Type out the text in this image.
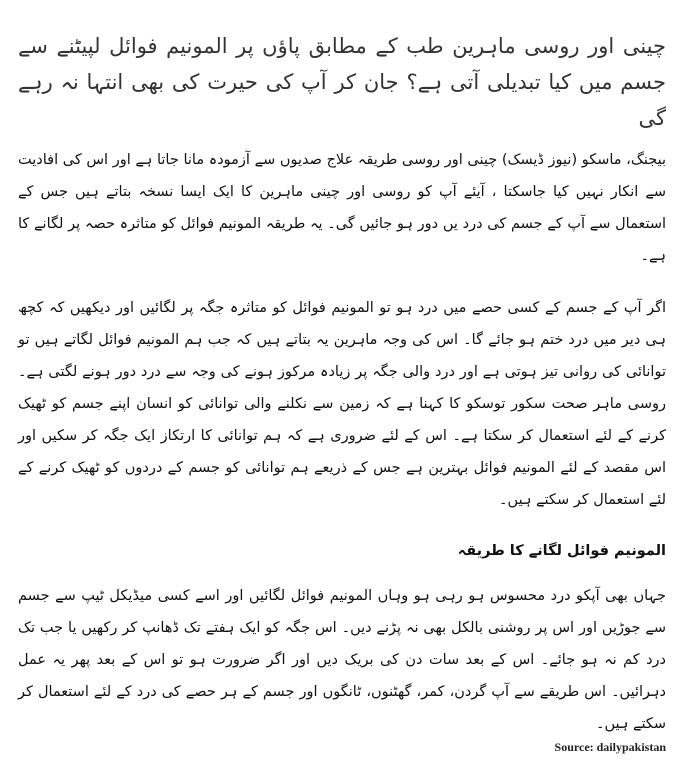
چینی اور روسی ماہرین طب کے مطابق پاؤں پر المونیم فوائل لپیٹنے سے جسم میں کیا تبدیلی آتی ہے؟ جان کر آپ کی حیرت کی بھی انتہا نہ رہے گی

بیجنگ، ماسکو (نیوز ڈیسک) چینی اور روسی طریقہ علاج صدیوں سے آزمودہ مانا جاتا ہے اور اس کی افادیت سے انکار نہیں کیا جاسکتا ، آیئے آپ کو روسی اور چینی ماہرین کا ایک ایسا نسخہ بتاتے ہیں جس کے استعمال سے آپ کے جسم کی درد یں دور ہو جائیں گی۔ یہ طریقہ المونیم فوائل کو متاثرہ حصہ پر لگانے کا ہے۔

اگر آپ کے جسم کے کسی حصے میں درد ہو تو المونیم فوائل کو متاثرہ جگہ پر لگائیں اور دیکھیں کہ کچھ ہی دیر میں درد ختم ہو جائے گا۔ اس کی وجہ ماہرین یہ بتاتے ہیں کہ جب ہم المونیم فوائل لگاتے ہیں تو توانائی کی روانی تیز ہوتی ہے اور درد والی جگہ پر زیادہ مرکوز ہونے کی وجہ سے درد دور ہونے لگتی ہے۔ روسی ماہر صحت سکور توسکو کا کہنا ہے کہ زمین سے نکلنے والی توانائی کو انسان اپنے جسم کو ٹھیک کرنے کے لئے استعمال کر سکتا ہے۔ اس کے لئے ضروری ہے کہ ہم توانائی کا ارتکاز ایک جگہ کر سکیں اور اس مقصد کے لئے المونیم فوائل بہترین ہے جس کے ذریعے ہم توانائی کو جسم کے دردوں کو ٹھیک کرنے کے لئے استعمال کر سکتے ہیں۔

المونیم فوائل لگانے کا طریقہ

جہاں بھی آپکو درد محسوس ہو رہی ہو وہاں المونیم فوائل لگائیں اور اسے کسی میڈیکل ٹیپ سے جسم سے جوڑیں اور اس پر روشنی بالکل بھی نہ پڑنے دیں۔ اس جگہ کو ایک ہفتے تک ڈھانپ کر رکھیں یا جب تک درد کم نہ ہو جائے۔ اس کے بعد سات دن کی بریک دیں اور اگر ضرورت ہو تو اس کے بعد پھر یہ عمل دہرائیں۔ اس طریقے سے آپ گردن، کمر، گھٹنوں، ٹانگوں اور جسم کے ہر حصے کی درد کے لئے استعمال کر سکتے ہیں۔

Source: dailypakistan
